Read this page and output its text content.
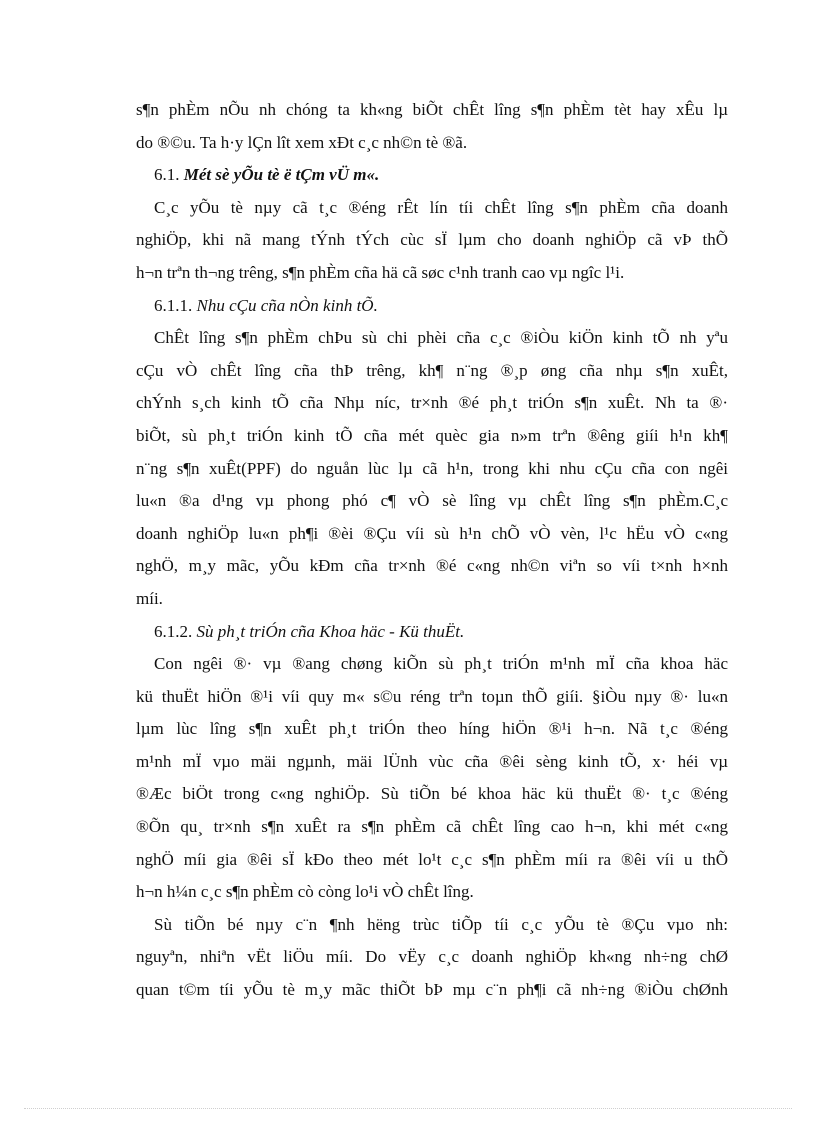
s¶n phÈm nÕu nh chóng ta kh«ng biÕt chÊt lîng s¶n phÈm tèt hay xÊu lµ
do ®©u. Ta h·y lÇn lît xem xÐt c¸c nh©n tè ®ã.
6.1. Mét sè yÕu tè ë tÇm vÜ m«.
C¸c yÕu tè nµy cã t¸c ®éng rÊt lín tíi chÊt lîng s¶n phÈm cña doanh
nghiÖp, khi nã mang tÝnh tÝch cùc sÏ lµm cho doanh nghiÖp cã vÞ thÕ
h¬n trªn th¬ng trêng, s¶n phÈm cña hä cã søc c¹nh tranh cao vµ ngîc l¹i.
6.1.1. Nhu cÇu cña nÒn kinh tÕ.
ChÊt lîng s¶n phÈm chÞu sù chi phèi cña c¸c ®iÒu kiÖn kinh tÕ nh yªu
cÇu vÒ chÊt lîng cña thÞ trêng, kh¶ n¨ng ®¸p øng cña nhµ s¶n xuÊt,
chÝnh s¸ch kinh tÕ cña Nhµ níc, tr×nh ®é ph¸t triÓn s¶n xuÊt. Nh ta ®·
biÕt, sù ph¸t triÓn kinh tÕ cña mét quèc gia n»m trªn ®êng giíi h¹n kh¶
n¨ng s¶n xuÊt(PPF) do nguån lùc lµ cã h¹n, trong khi nhu cÇu cña con ngêi
lu«n ®a d¹ng vµ phong phó c¶ vÒ sè lîng vµ chÊt lîng s¶n phÈm.C¸c
doanh nghiÖp lu«n ph¶i ®èi ®Çu víi sù h¹n chÕ vÒ vèn, l¹c hËu vÒ c«ng
nghÖ, m¸y mãc, yÕu kÐm cña tr×nh ®é c«ng nh©n viªn so víi t×nh h×nh
míi.
6.1.2. Sù ph¸t triÓn cña Khoa häc - Kü thuËt.
Con ngêi ®· vµ ®ang chøng kiÕn sù ph¸t triÓn m¹nh mÏ cña khoa häc
kü thuËt hiÖn ®¹i víi quy m« s©u réng trªn toµn thÕ giíi. §iÒu nµy ®· lu«n
lµm lùc lîng s¶n xuÊt ph¸t triÓn theo híng hiÖn ®¹i h¬n. Nã t¸c ®éng
m¹nh mÏ vµo mäi ngµnh, mäi lÜnh vùc cña ®êi sèng kinh tÕ, x· héi vµ
®Æc biÖt trong c«ng nghiÖp. Sù tiÕn bé khoa häc kü thuËt ®· t¸c ®éng
®Õn qu¸ tr×nh s¶n xuÊt ra s¶n phÈm cã chÊt lîng cao h¬n, khi mét c«ng
nghÖ míi gia ®êi sÏ kÐo theo mét lo¹t c¸c s¶n phÈm míi ra ®êi víi u thÕ
h¬n h¼n c¸c s¶n phÈm cò còng lo¹i vÒ chÊt lîng.
Sù tiÕn bé nµy c¨n ¶nh hëng trùc tiÕp tíi c¸c yÕu tè ®Çu vµo nh:
nguyªn, nhiªn vËt liÖu míi. Do vËy c¸c doanh nghiÖp kh«ng nh÷ng chØ
quan t©m tíi yÕu tè m¸y mãc thiÕt bÞ mµ c¨n ph¶i cã nh÷ng ®iÒu chØnh
